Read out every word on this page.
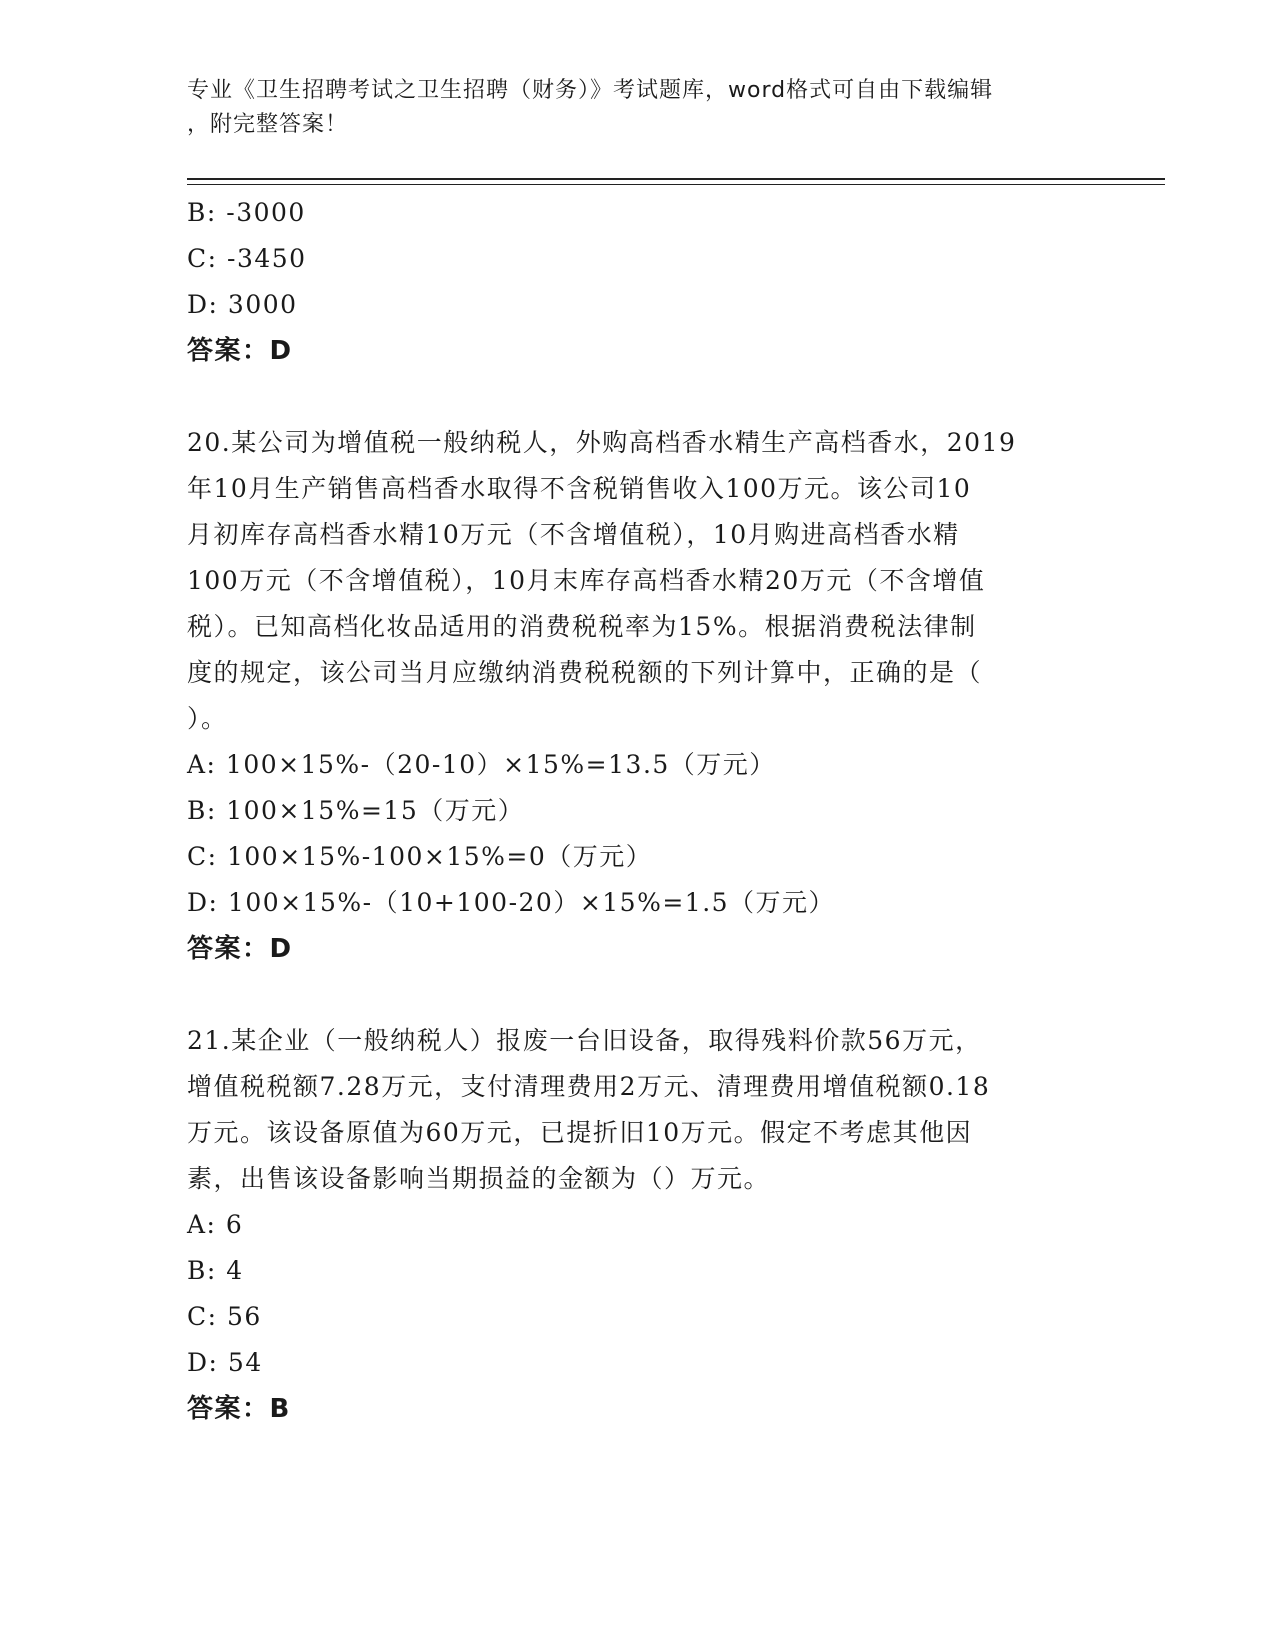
专业《卫生招聘考试之卫生招聘（财务）》考试题库，word格式可自由下载编辑
，附完整答案！
B: -3000
C: -3450
D: 3000
答案：D
20.某公司为增值税一般纳税人，外购高档香水精生产高档香水，2019
年10月生产销售高档香水取得不含税销售收入100万元。该公司10
月初库存高档香水精10万元（不含增值税），10月购进高档香水精
100万元（不含增值税），10月末库存高档香水精20万元（不含增值
税）。已知高档化妆品适用的消费税税率为15%。根据消费税法律制
度的规定，该公司当月应缴纳消费税税额的下列计算中，正确的是（
）。
A: 100×15%-（20-10）×15%=13.5（万元）
B: 100×15%=15（万元）
C: 100×15%-100×15%=0（万元）
D: 100×15%-（10+100-20）×15%=1.5（万元）
答案：D
21.某企业（一般纳税人）报废一台旧设备，取得残料价款56万元，
增值税税额7.28万元，支付清理费用2万元、清理费用增值税额0.18
万元。该设备原值为60万元，已提折旧10万元。假定不考虑其他因
素，出售该设备影响当期损益的金额为（）万元。
A: 6
B: 4
C: 56
D: 54
答案：B
